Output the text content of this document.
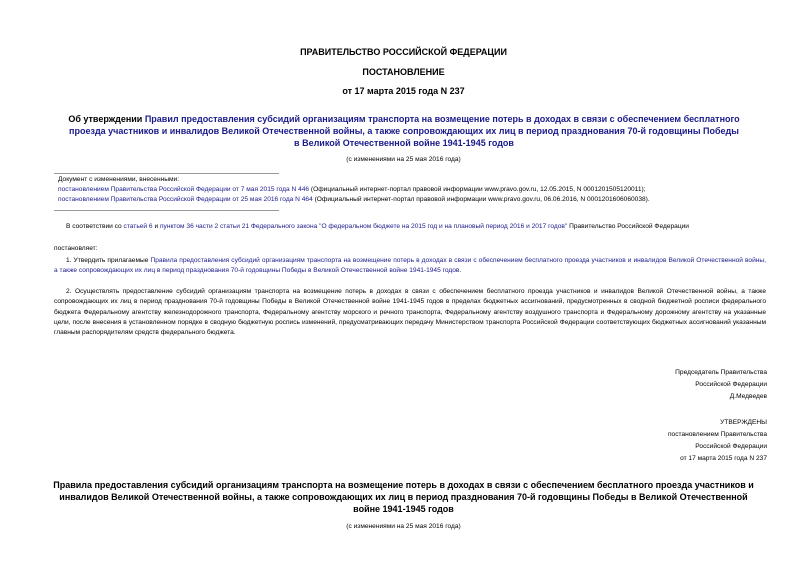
ПРАВИТЕЛЬСТВО РОССИЙСКОЙ ФЕДЕРАЦИИ
ПОСТАНОВЛЕНИЕ
от 17 марта 2015 года N 237
Об утверждении Правил предоставления субсидий организациям транспорта на возмещение потерь в доходах в связи с обеспечением бесплатного проезда участников и инвалидов Великой Отечественной войны, а также сопровождающих их лиц в период празднования 70-й годовщины Победы в Великой Отечественной войне 1941-1945 годов
(с изменениями на 25 мая 2016 года)
Документ с изменениями, внесенными:
постановлением Правительства Российской Федерации от 7 мая 2015 года N 446 (Официальный интернет-портал правовой информации www.pravo.gov.ru, 12.05.2015, N 0001201505120011);
постановлением Правительства Российской Федерации от 25 мая 2016 года N 464 (Официальный интернет-портал правовой информации www.pravo.gov.ru, 06.06.2016, N 0001201606060038).
В соответствии со статьей 6 и пунктом 36 части 2 статьи 21 Федерального закона "О федеральном бюджете на 2015 год и на плановый период 2016 и 2017 годов" Правительство Российской Федерации
постановляет:
1. Утвердить прилагаемые Правила предоставления субсидий организациям транспорта на возмещение потерь в доходах в связи с обеспечением бесплатного проезда участников и инвалидов Великой Отечественной войны, а также сопровождающих их лиц в период празднования 70-й годовщины Победы в Великой Отечественной войне 1941-1945 годов.
2. Осуществлять предоставление субсидий организациям транспорта на возмещение потерь в доходах в связи с обеспечением бесплатного проезда участников и инвалидов Великой Отечественной войны, а также сопровождающих их лиц в период празднования 70-й годовщины Победы в Великой Отечественной войне 1941-1945 годов в пределах бюджетных ассигнований, предусмотренных в сводной бюджетной росписи федерального бюджета Федеральному агентству железнодорожного транспорта, Федеральному агентству морского и речного транспорта, Федеральному агентству воздушного транспорта и Федеральному дорожному агентству на указанные цели, после внесения в установленном порядке в сводную бюджетную роспись изменений, предусматривающих передачу Министерством транспорта Российской Федерации соответствующих бюджетных ассигнований указанным главным распорядителям средств федерального бюджета.
Председатель Правительства
Российской Федерации
Д.Медведев
УТВЕРЖДЕНЫ
постановлением Правительства
Российской Федерации
от 17 марта 2015 года N 237
Правила предоставления субсидий организациям транспорта на возмещение потерь в доходах в связи с обеспечением бесплатного проезда участников и инвалидов Великой Отечественной войны, а также сопровождающих их лиц в период празднования 70-й годовщины Победы в Великой Отечественной войне 1941-1945 годов
(с изменениями на 25 мая 2016 года)
